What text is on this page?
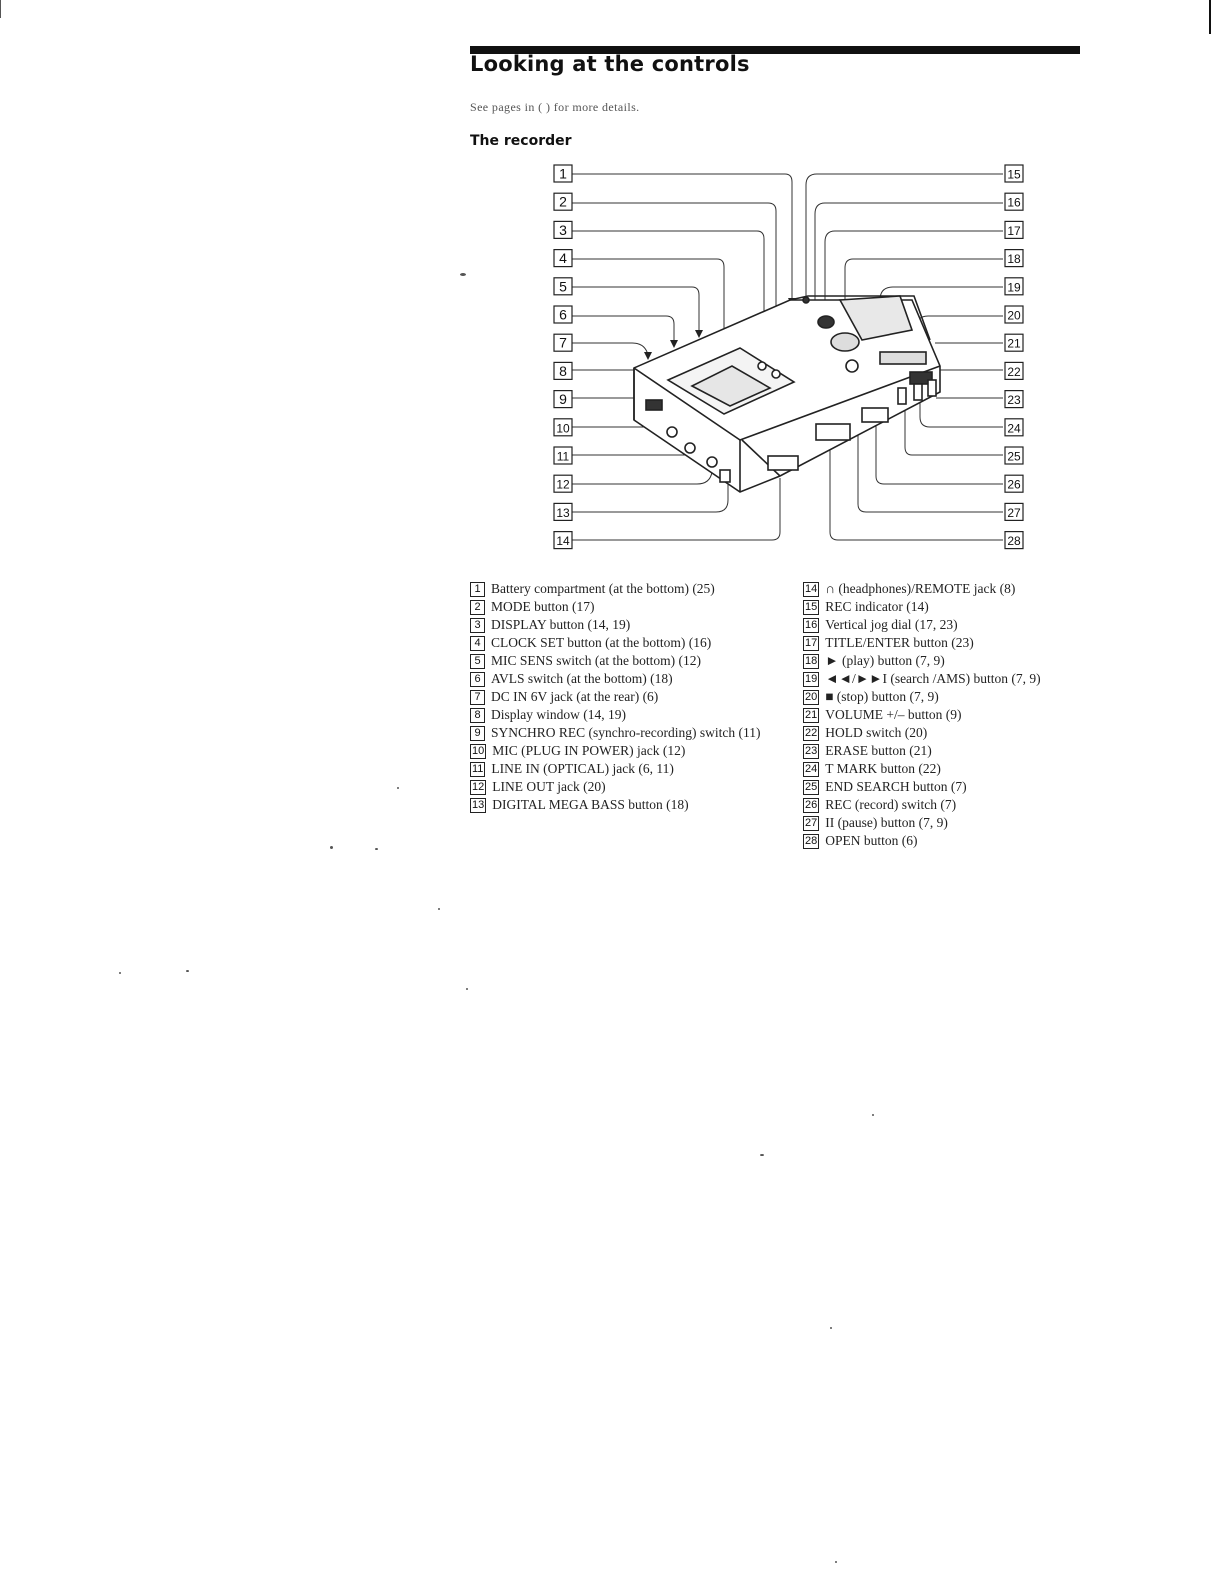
Looking at the controls
See pages in ( ) for more details.
The recorder
1
2
3
4
5
6
7
8
9
10
11
12
13
14
15
16
17
18
19
20
21
22
23
24
25
26
27
28
1 Battery compartment (at the bottom) (25)
2 MODE button (17)
3 DISPLAY button (14, 19)
4 CLOCK SET button (at the bottom) (16)
5 MIC SENS switch (at the bottom) (12)
6 AVLS switch (at the bottom) (18)
7 DC IN 6V jack (at the rear) (6)
8 Display window (14, 19)
9 SYNCHRO REC (synchro-recording) switch (11)
10 MIC (PLUG IN POWER) jack (12)
11 LINE IN (OPTICAL) jack (6, 11)
12 LINE OUT jack (20)
13 DIGITAL MEGA BASS button (18)
14 ∩ (headphones)/REMOTE jack (8)
15 REC indicator (14)
16 Vertical jog dial (17, 23)
17 TITLE/ENTER button (23)
18 ► (play) button (7, 9)
19 ◄◄/►►I (search /AMS) button (7, 9)
20 ■ (stop) button (7, 9)
21 VOLUME +/– button (9)
22 HOLD switch (20)
23 ERASE button (21)
24 T MARK button (22)
25 END SEARCH button (7)
26 REC (record) switch (7)
27 II (pause) button (7, 9)
28 OPEN button (6)
